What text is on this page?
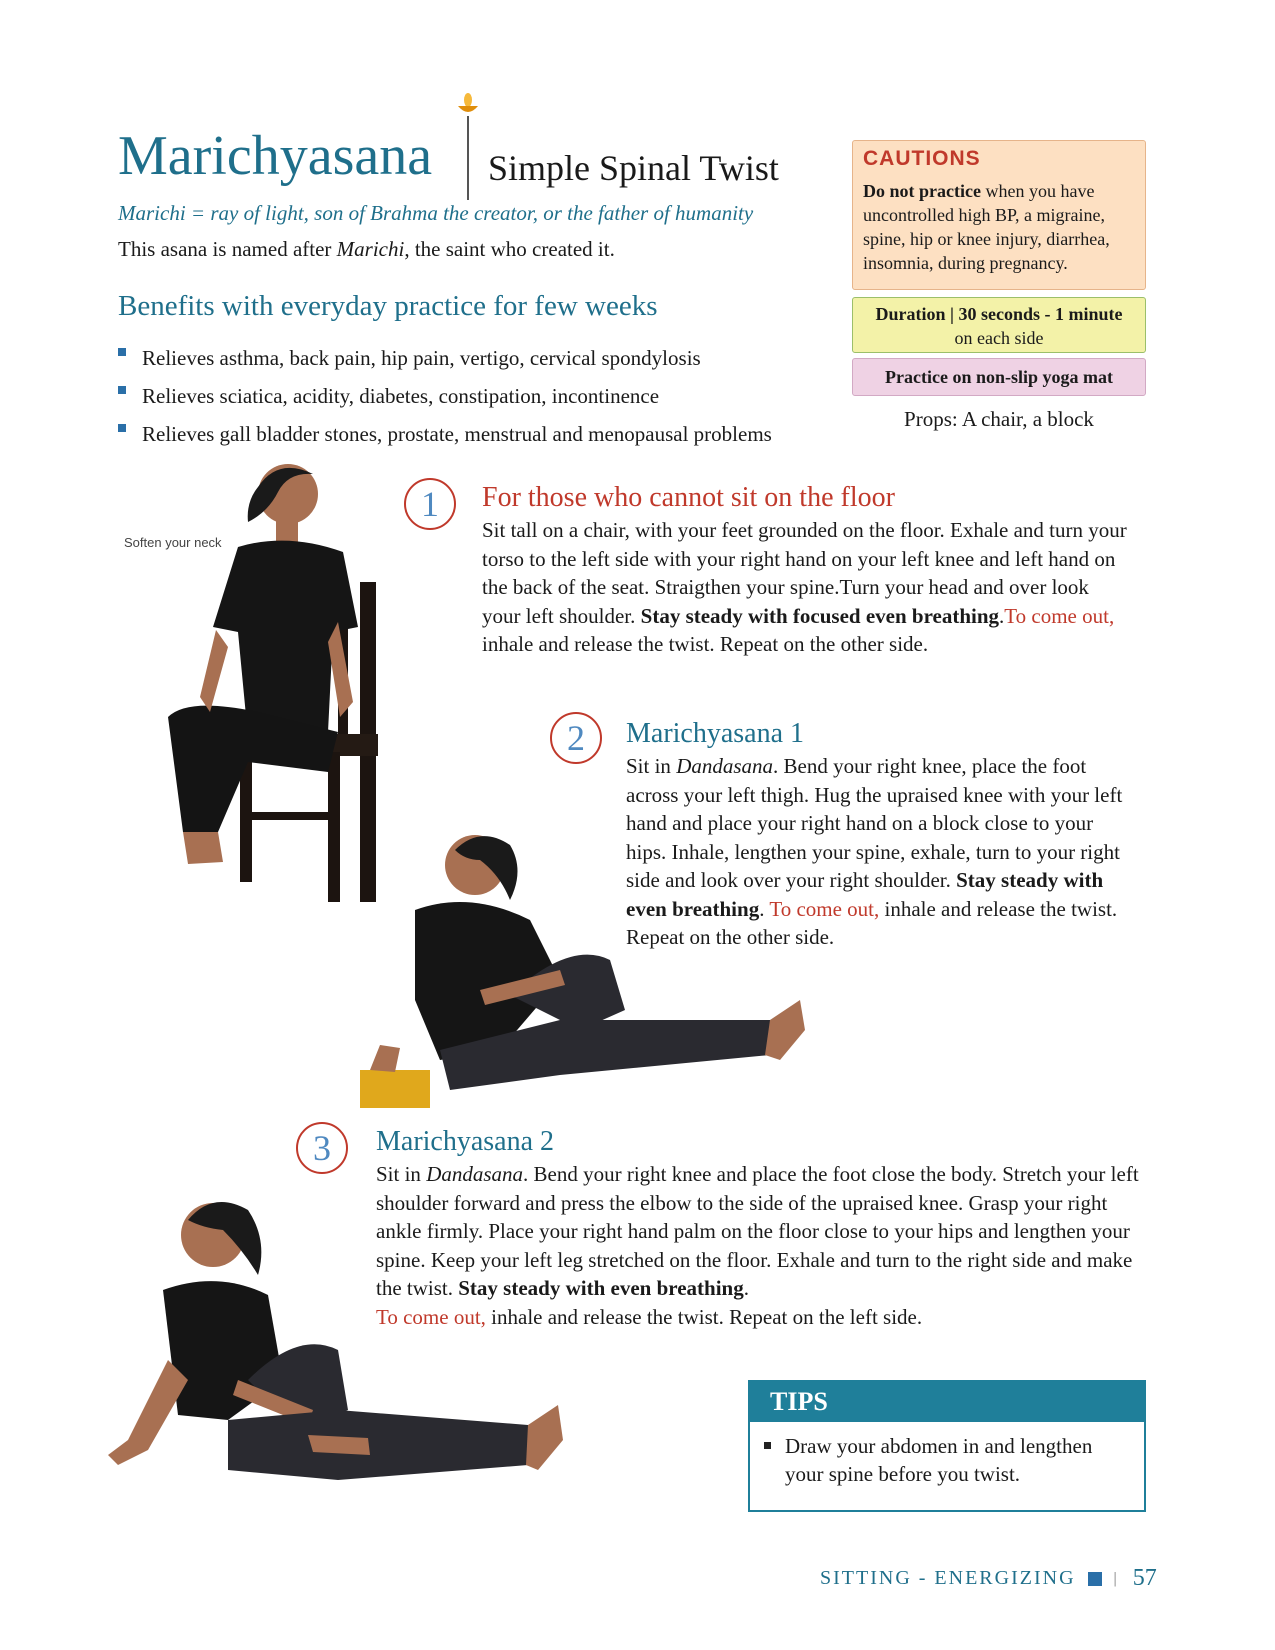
Marichyasana Simple Spinal Twist
Marichi = ray of light, son of Brahma the creator, or the father of humanity
This asana is named after Marichi, the saint who created it.
Benefits with everyday practice for few weeks
Relieves asthma, back pain, hip pain, vertigo, cervical spondylosis
Relieves sciatica, acidity, diabetes, constipation, incontinence
Relieves gall bladder stones, prostate, menstrual and menopausal problems
CAUTIONS
Do not practice when you have uncontrolled high BP, a migraine, spine, hip or knee injury, diarrhea, insomnia, during pregnancy.
Duration | 30 seconds - 1 minute
on each side
Practice on non-slip yoga mat
Props: A chair, a block
Soften your neck
1	For those who cannot sit on the floor
Sit tall on a chair, with your feet grounded on the floor. Exhale and turn your torso to the left side with your right hand on your left knee and left hand on the back of the seat. Straigthen your spine.Turn your head and over look your left shoulder. Stay steady with focused even breathing.To come out, inhale and release the twist. Repeat on the other side.
2	Marichyasana 1
Sit in Dandasana. Bend your right knee, place the foot across your left thigh. Hug the upraised knee with your left hand and place your right hand on a block close to your hips. Inhale, lengthen your spine, exhale, turn to your right side and look over your right shoulder. Stay steady with even breathing. To come out, inhale and release the twist. Repeat on the other side.
3	Marichyasana 2
Sit in Dandasana. Bend your right knee and place the foot close the body. Stretch your left shoulder forward and press the elbow to the side of the upraised knee. Grasp your right ankle firmly. Place your right hand palm on the floor close to your hips and lengthen your spine. Keep your left leg stretched on the floor. Exhale and turn to the right side and make the twist. Stay steady with even breathing.
To come out, inhale and release the twist. Repeat on the left side.
TIPS
Draw your abdomen in and lengthen your spine before you twist.
SITTING - ENERGIZING | 57
